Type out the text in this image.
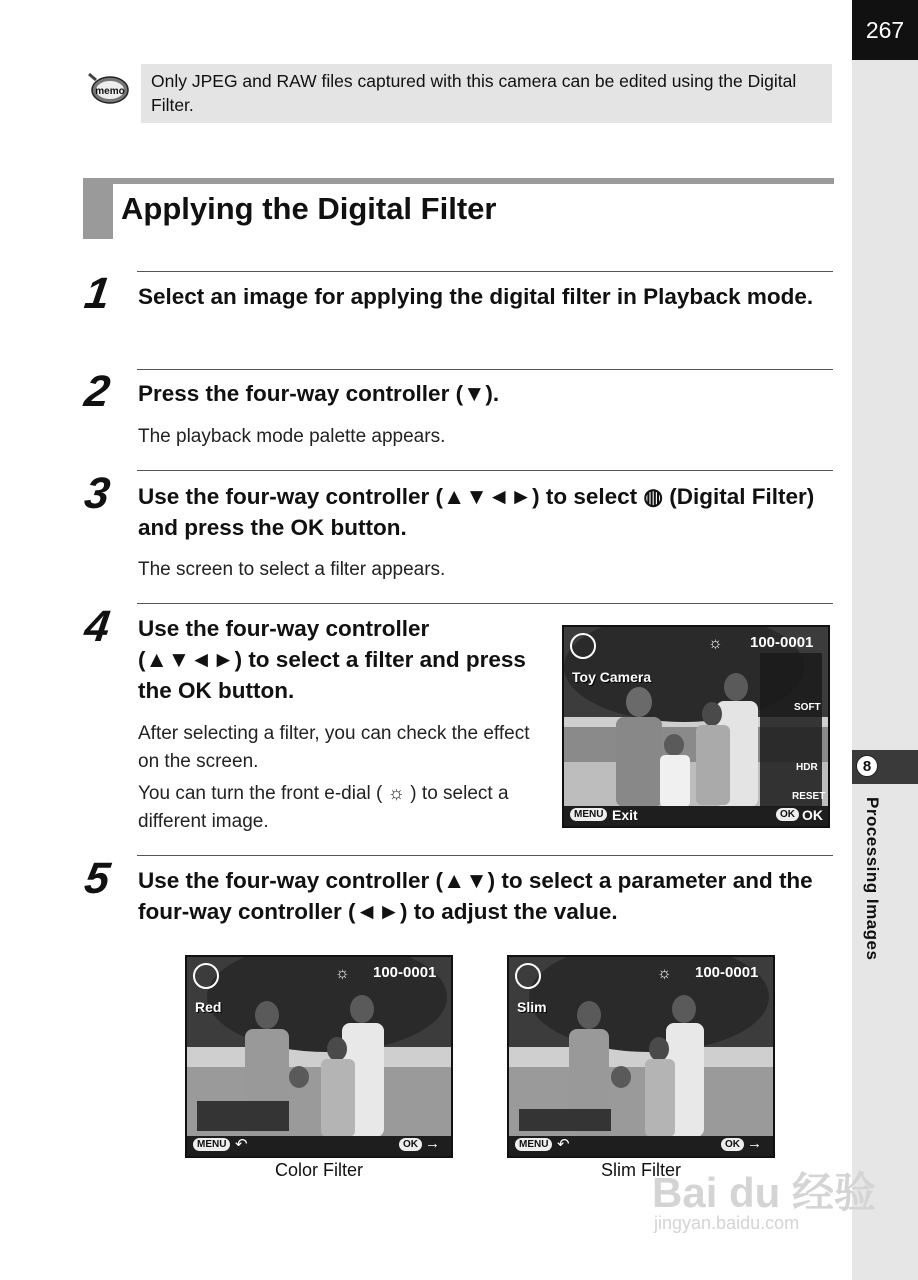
267
8
Processing Images
memo
Only JPEG and RAW files captured with this camera can be edited using the Digital Filter.
Applying the Digital Filter
1 Select an image for applying the digital filter in Playback mode.
2 Press the four-way controller (▼).
The playback mode palette appears.
3 Use the four-way controller (▲▼◄►) to select ◍ (Digital Filter) and press the OK button.
The screen to select a filter appears.
4 Use the four-way controller (▲▼◄►) to select a filter and press the OK button.
After selecting a filter, you can check the effect on the screen.
You can turn the front e-dial ( ☼ ) to select a different image.
☼ 100-0001
Toy Camera
SOFT
HDR
RESET
MENU Exit	OK OK
5 Use the four-way controller (▲▼) to select a parameter and the four-way controller (◄►) to adjust the value.
☼ 100-0001
Red
MENU ↶	OK →
Color Filter
☼ 100-0001
Slim
MENU ↶	OK →
Slim Filter
Bai du 经验
jingyan.baidu.com
